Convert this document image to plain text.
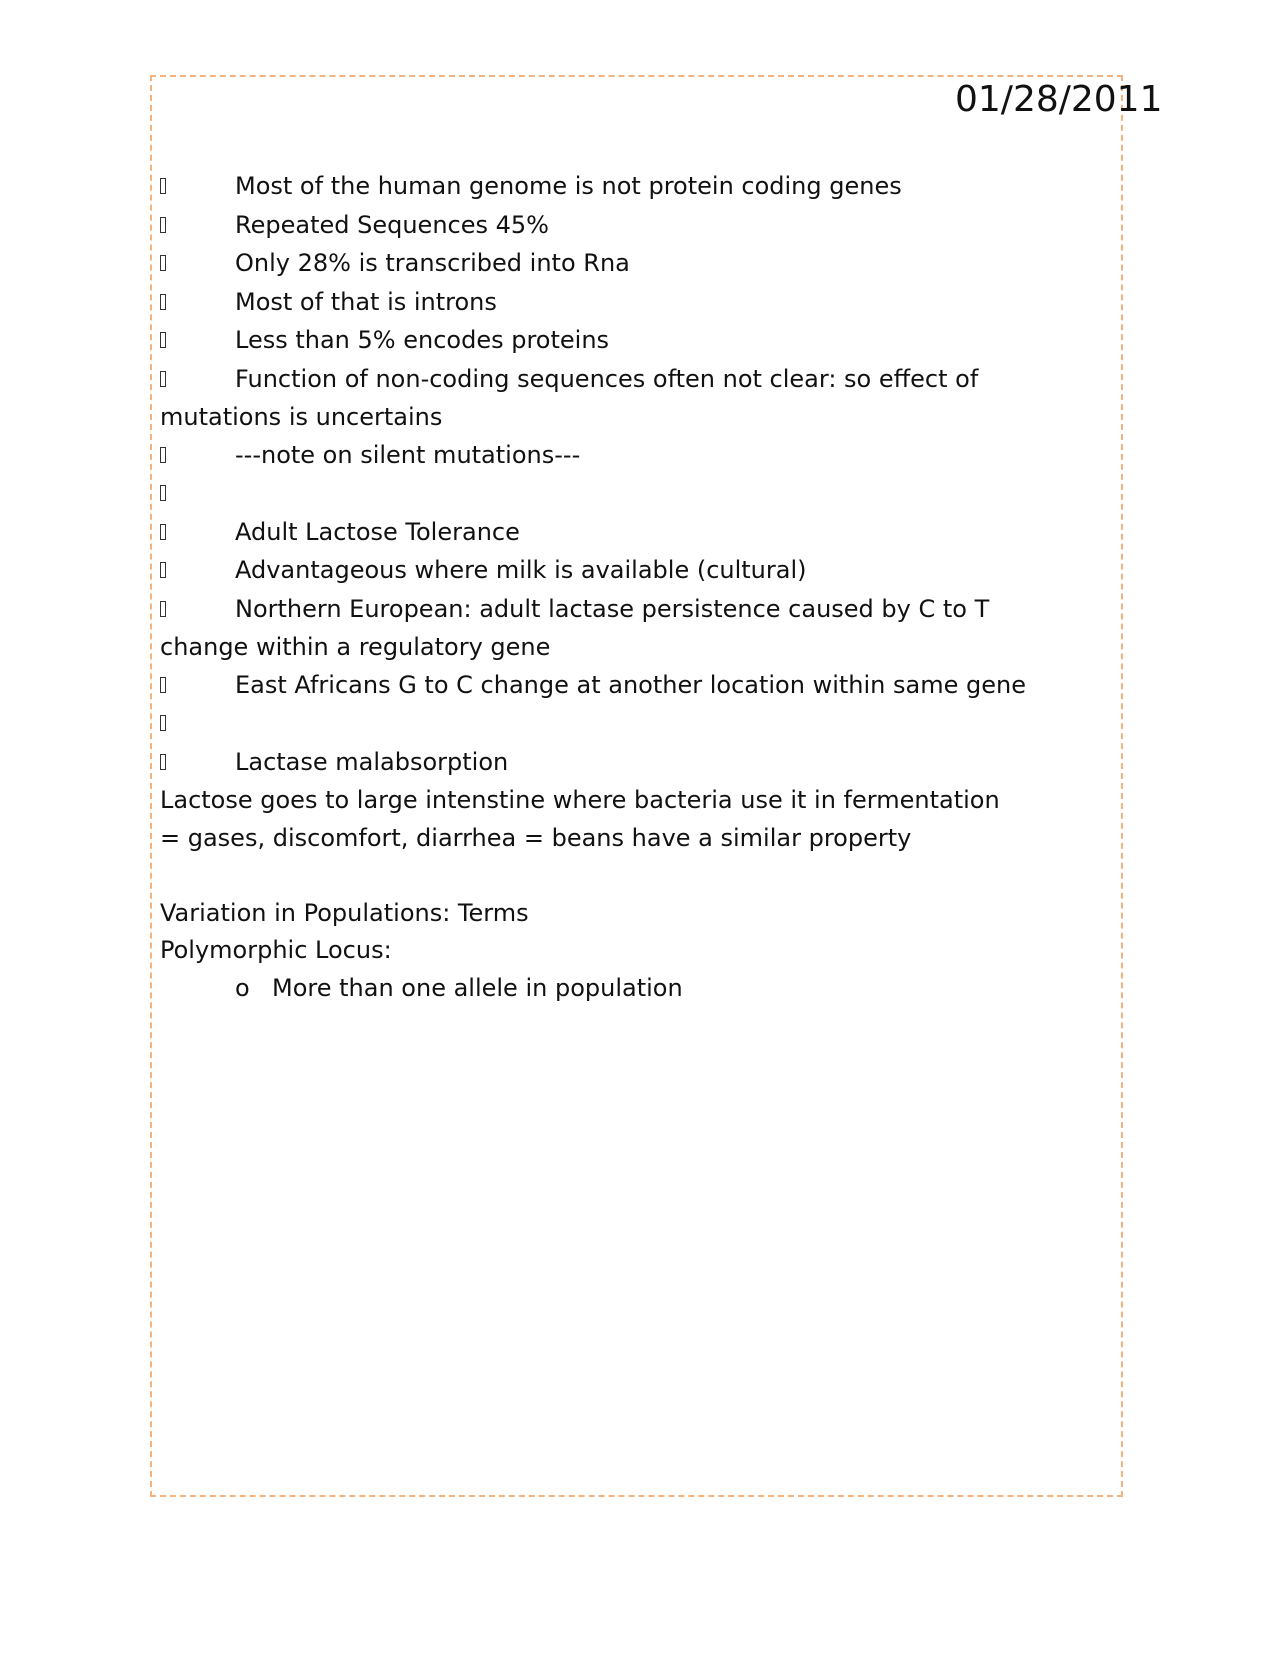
01/28/2011
Most of the human genome is not protein coding genes
Repeated Sequences 45%
Only 28% is transcribed into Rna
Most of that is introns
Less than 5% encodes proteins
Function of non-coding sequences often not clear: so effect of
mutations is uncertains
---note on silent mutations---
Adult Lactose Tolerance
Advantageous where milk is available (cultural)
Northern European: adult lactase persistence caused by C to T
change within a regulatory gene
East Africans G to C change at another location within same gene
Lactase malabsorption
Lactose goes to large intenstine where bacteria use it in fermentation
= gases, discomfort, diarrhea = beans have a similar property
Variation in Populations: Terms
Polymorphic Locus:
o More than one allele in population
